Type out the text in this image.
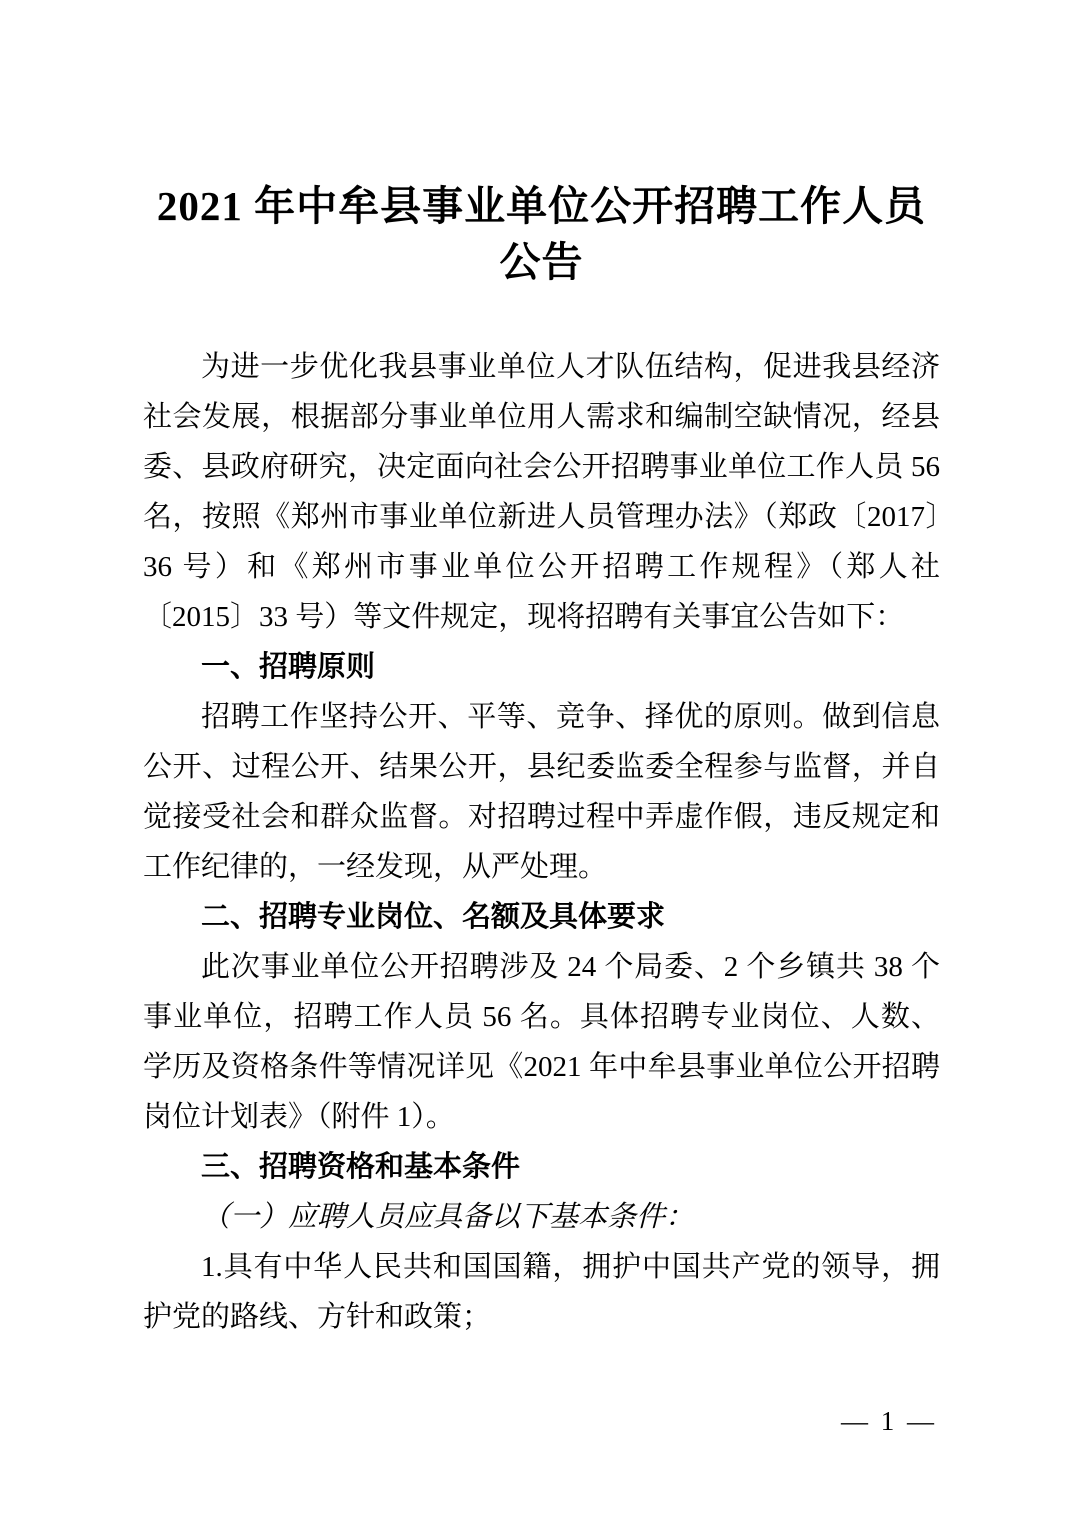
2021 年中牟县事业单位公开招聘工作人员
公告

为进一步优化我县事业单位人才队伍结构，促进我县经济社会发展，根据部分事业单位用人需求和编制空缺情况，经县委、县政府研究，决定面向社会公开招聘事业单位工作人员 56 名，按照《郑州市事业单位新进人员管理办法》（郑政〔2017〕36 号）和《郑州市事业单位公开招聘工作规程》（郑人社〔2015〕33 号）等文件规定，现将招聘有关事宜公告如下：

一、招聘原则

招聘工作坚持公开、平等、竞争、择优的原则。做到信息公开、过程公开、结果公开，县纪委监委全程参与监督，并自觉接受社会和群众监督。对招聘过程中弄虚作假，违反规定和工作纪律的，一经发现，从严处理。

二、招聘专业岗位、名额及具体要求

此次事业单位公开招聘涉及 24 个局委、2 个乡镇共 38 个事业单位，招聘工作人员 56 名。具体招聘专业岗位、人数、学历及资格条件等情况详见《2021 年中牟县事业单位公开招聘岗位计划表》（附件 1）。

三、招聘资格和基本条件

（一）应聘人员应具备以下基本条件：

1.具有中华人民共和国国籍，拥护中国共产党的领导，拥护党的路线、方针和政策；

— 1 —
